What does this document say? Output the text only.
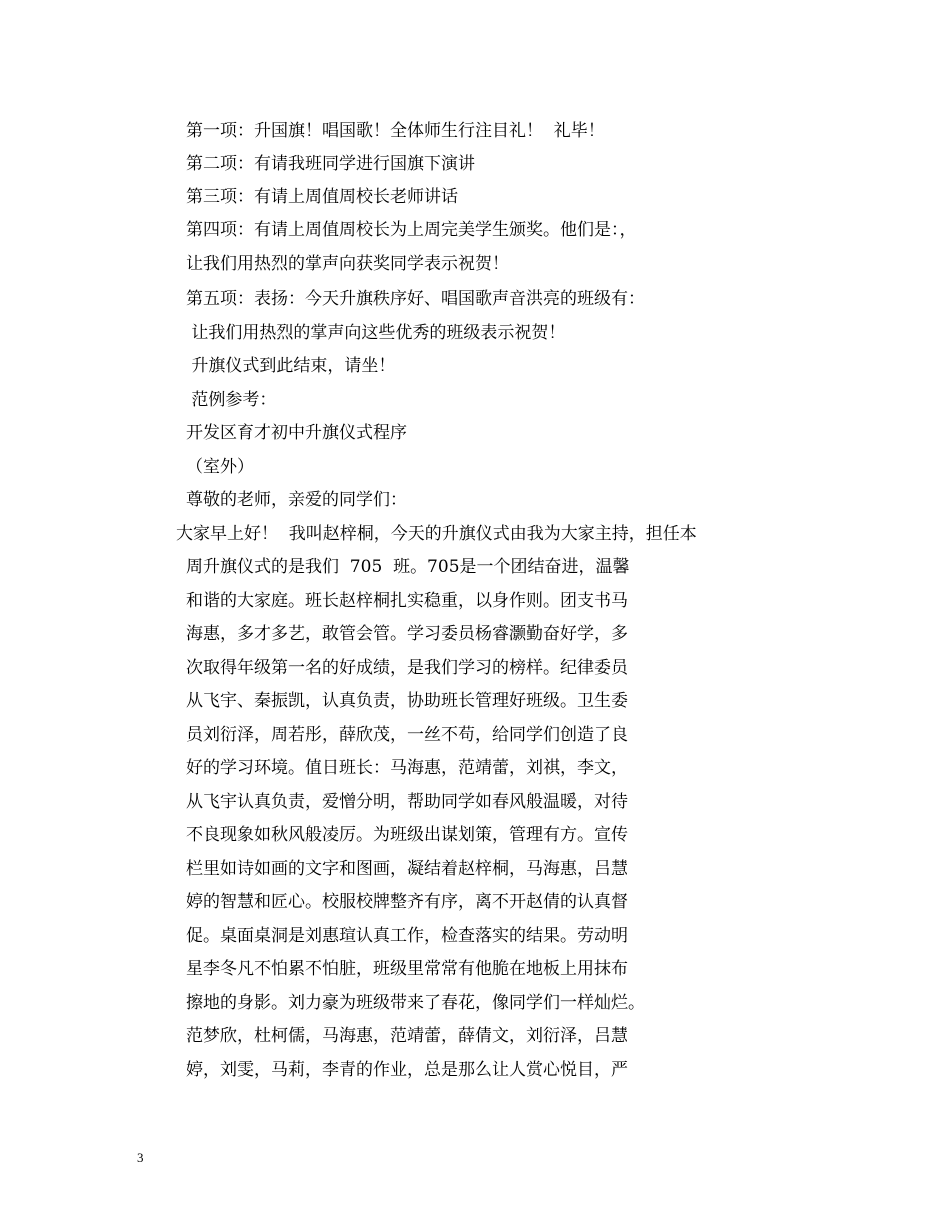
第一项：升国旗！唱国歌！全体师生行注目礼！  礼毕！
第二项：有请我班同学进行国旗下演讲
第三项：有请上周值周校长老师讲话
第四项：有请上周值周校长为上周完美学生颁奖。他们是：，
让我们用热烈的掌声向获奖同学表示祝贺！
第五项：表扬：今天升旗秩序好、唱国歌声音洪亮的班级有：
让我们用热烈的掌声向这些优秀的班级表示祝贺！
升旗仪式到此结束，请坐！
范例参考：
开发区育才初中升旗仪式程序
（室外）
尊敬的老师，亲爱的同学们：
大家早上好！  我叫赵梓桐，今天的升旗仪式由我为大家主持，担任本
周升旗仪式的是我们  705  班。705是一个团结奋进，温馨
和谐的大家庭。班长赵梓桐扎实稳重，以身作则。团支书马
海惠，多才多艺，敢管会管。学习委员杨睿灏勤奋好学，多
次取得年级第一名的好成绩，是我们学习的榜样。纪律委员
从飞宇、秦振凯，认真负责，协助班长管理好班级。卫生委
员刘衍泽，周若彤，薛欣茂，一丝不苟，给同学们创造了良
好的学习环境。值日班长：马海惠，范靖蕾，刘祺，李文，
从飞宇认真负责，爱憎分明，帮助同学如春风般温暖，对待
不良现象如秋风般凌厉。为班级出谋划策，管理有方。宣传
栏里如诗如画的文字和图画，凝结着赵梓桐，马海惠，吕慧
婷的智慧和匠心。校服校牌整齐有序，离不开赵倩的认真督
促。桌面桌洞是刘惠瑄认真工作，检查落实的结果。劳动明
星李冬凡不怕累不怕脏，班级里常常有他脆在地板上用抹布
擦地的身影。刘力豪为班级带来了春花，像同学们一样灿烂。
范梦欣，杜柯儒，马海惠，范靖蕾，薛倩文，刘衍泽，吕慧
婷，刘雯，马莉，李青的作业，总是那么让人赏心悦目，严
3
